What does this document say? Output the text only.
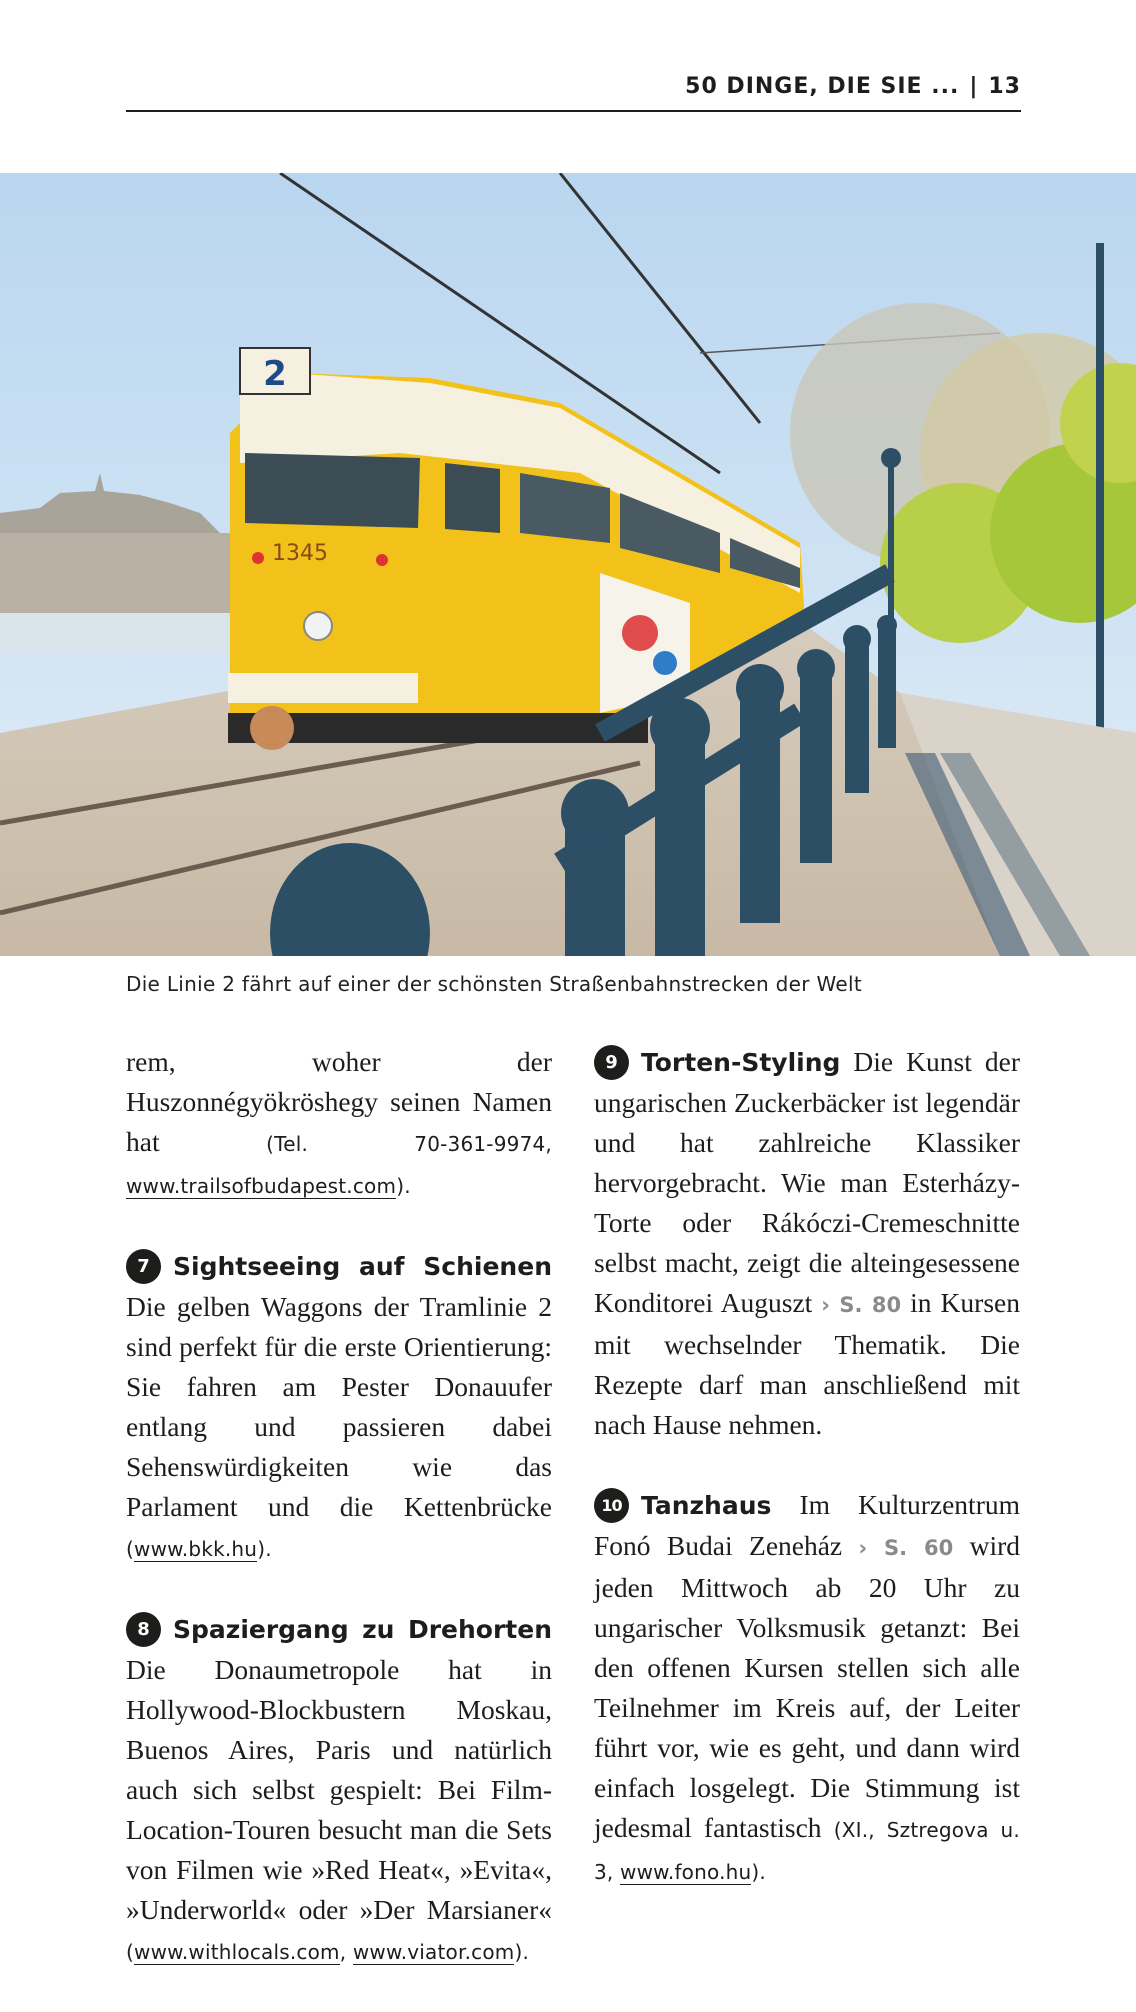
50 DINGE, DIE SIE ... | 13
2
1345
Die Linie 2 fährt auf einer der schönsten Straßenbahnstrecken der Welt

rem, woher der Huszonnégyökröshegy seinen Namen hat (Tel. 70-361-9974, www.trailsofbudapest.com).

7 Sightseeing auf Schienen Die gelben Waggons der Tramlinie 2 sind perfekt für die erste Orientierung: Sie fahren am Pester Donauufer entlang und passieren dabei Sehenswürdigkeiten wie das Parlament und die Kettenbrücke (www.bkk.hu).

8 Spaziergang zu Drehorten Die Donaumetropole hat in Hollywood-Blockbustern Moskau, Buenos Aires, Paris und natürlich auch sich selbst gespielt: Bei Film-Location-Touren besucht man die Sets von Filmen wie »Red Heat«, »Evita«, »Underworld« oder »Der Marsianer« (www.withlocals.com, www.viator.com).

9 Torten-Styling Die Kunst der ungarischen Zuckerbäcker ist legendär und hat zahlreiche Klassiker hervorgebracht. Wie man Esterházy-Torte oder Rákóczi-Cremeschnitte selbst macht, zeigt die alteingesessene Konditorei Auguszt › S. 80 in Kursen mit wechselnder Thematik. Die Rezepte darf man anschließend mit nach Hause nehmen.

10 Tanzhaus Im Kulturzentrum Fonó Budai Zeneház › S. 60 wird jeden Mittwoch ab 20 Uhr zu ungarischer Volksmusik getanzt: Bei den offenen Kursen stellen sich alle Teilnehmer im Kreis auf, der Leiter führt vor, wie es geht, und dann wird einfach losgelegt. Die Stimmung ist jedesmal fantastisch (XI., Sztregova u. 3, www.fono.hu).
